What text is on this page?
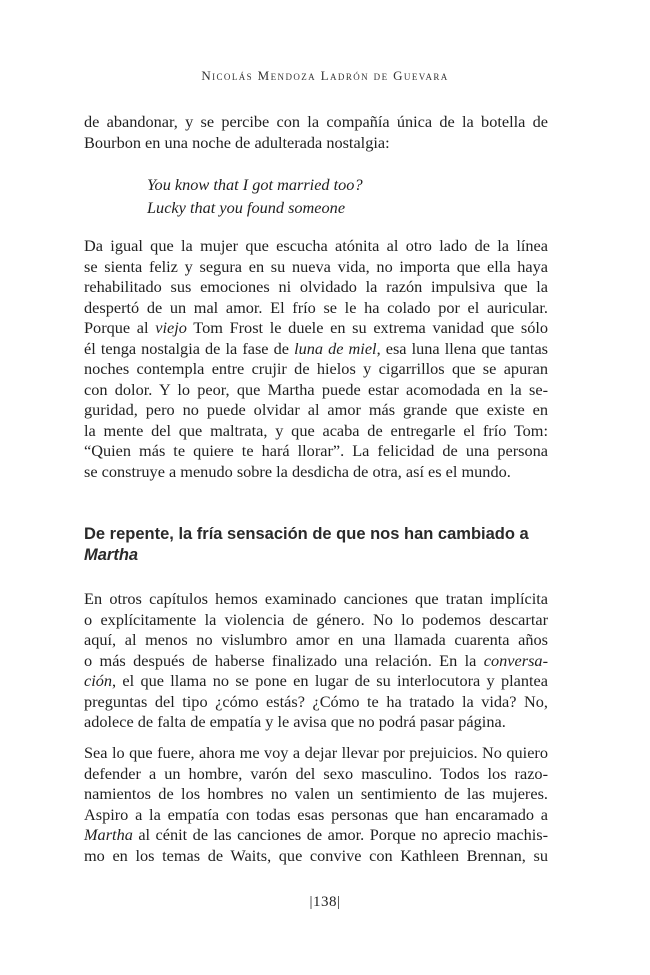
Nicolás Mendoza Ladrón de Guevara
de abandonar, y se percibe con la compañía única de la botella de
Bourbon en una noche de adulterada nostalgia:
You know that I got married too?
Lucky that you found someone
Da igual que la mujer que escucha atónita al otro lado de la línea
se sienta feliz y segura en su nueva vida, no importa que ella haya
rehabilitado sus emociones ni olvidado la razón impulsiva que la
despertó de un mal amor. El frío se le ha colado por el auricular.
Porque al viejo Tom Frost le duele en su extrema vanidad que sólo
él tenga nostalgia de la fase de luna de miel, esa luna llena que tantas
noches contempla entre crujir de hielos y cigarrillos que se apuran
con dolor. Y lo peor, que Martha puede estar acomodada en la se-
guridad, pero no puede olvidar al amor más grande que existe en
la mente del que maltrata, y que acaba de entregarle el frío Tom:
“Quien más te quiere te hará llorar”. La felicidad de una persona
se construye a menudo sobre la desdicha de otra, así es el mundo.
De repente, la fría sensación de que nos han cambiado a
Martha
En otros capítulos hemos examinado canciones que tratan implícita
o explícitamente la violencia de género. No lo podemos descartar
aquí, al menos no vislumbro amor en una llamada cuarenta años
o más después de haberse finalizado una relación. En la conversa-
ción, el que llama no se pone en lugar de su interlocutora y plantea
preguntas del tipo ¿cómo estás? ¿Cómo te ha tratado la vida? No,
adolece de falta de empatía y le avisa que no podrá pasar página.
Sea lo que fuere, ahora me voy a dejar llevar por prejuicios. No quiero
defender a un hombre, varón del sexo masculino. Todos los razo-
namientos de los hombres no valen un sentimiento de las mujeres.
Aspiro a la empatía con todas esas personas que han encaramado a
Martha al cénit de las canciones de amor. Porque no aprecio machis-
mo en los temas de Waits, que convive con Kathleen Brennan, su
|138|
